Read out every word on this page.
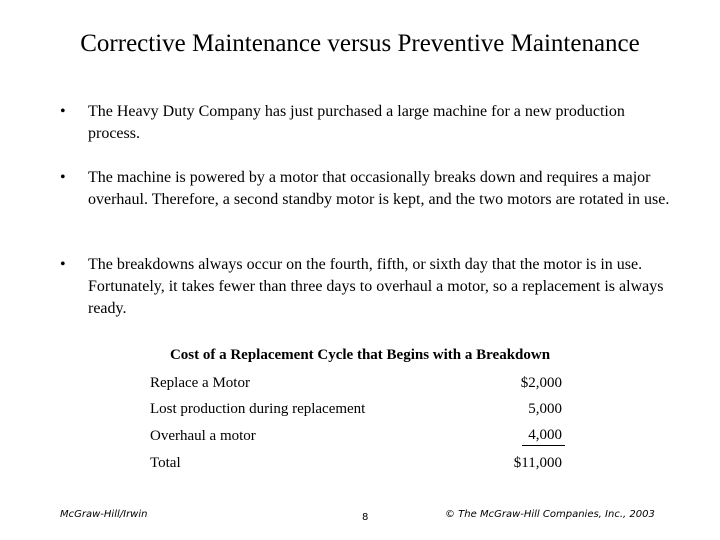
Corrective Maintenance versus Preventive Maintenance
• The Heavy Duty Company has just purchased a large machine for a new production process.
• The machine is powered by a motor that occasionally breaks down and requires a major overhaul. Therefore, a second standby motor is kept, and the two motors are rotated in use.
• The breakdowns always occur on the fourth, fifth, or sixth day that the motor is in use. Fortunately, it takes fewer than three days to overhaul a motor, so a replacement is always ready.
Cost of a Replacement Cycle that Begins with a Breakdown
Replace a Motor	$2,000
Lost production during replacement	5,000
Overhaul a motor	4,000
Total	$11,000
McGraw-Hill/Irwin	8	© The McGraw-Hill Companies, Inc., 2003
